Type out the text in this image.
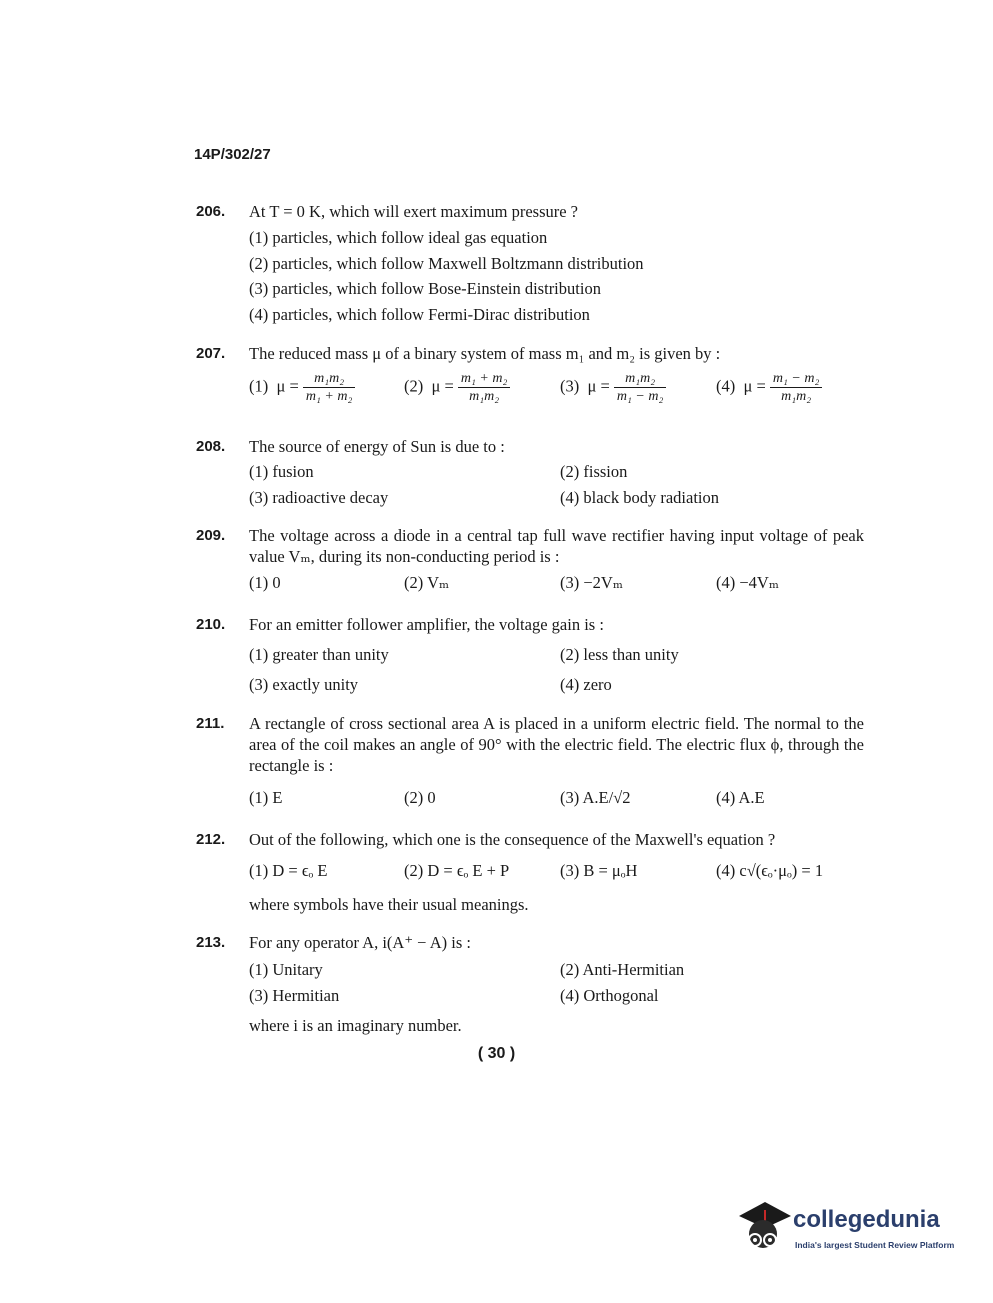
14P/302/27
206.	At T = 0 K, which will exert maximum pressure ?
(1) particles, which follow ideal gas equation
(2) particles, which follow Maxwell Boltzmann distribution
(3) particles, which follow Bose-Einstein distribution
(4) particles, which follow Fermi-Dirac distribution
207.	The reduced mass μ of a binary system of mass m₁ and m₂ is given by :
(1) $\mu = \frac{\text{m₁m₂}}{\text{m₁ + m₂}}$	(2) $\mu = \frac{\text{m₁ + m₂}}{\text{m₁m₂}}$	(3) $\mu = \frac{\text{m₁m₂}}{\text{m₁ − m₂}}$	(4) $\mu = \frac{\text{m₁ − m₂}}{\text{m₁m₂}}$
208.	The source of energy of Sun is due to :
(1) fusion	(2) fission
(3) radioactive decay	(4) black body radiation
209.	The voltage across a diode in a central tap full wave rectifier having input voltage of peak value Vₘ, during its non-conducting period is :
(1) 0	(2) Vₘ	(3) −2Vₘ	(4) −4Vₘ
210.	For an emitter follower amplifier, the voltage gain is :
(1) greater than unity	(2) less than unity
(3) exactly unity	(4) zero
211.	A rectangle of cross sectional area A is placed in a uniform electric field. The normal to the area of the coil makes an angle of 90° with the electric field. The electric flux ϕ, through the rectangle is :
(1) E	(2) 0	(3) A.E/√2	(4) A.E
212.	Out of the following, which one is the consequence of the Maxwell's equation ?
(1) D = ϵₒ E	(2) D = ϵₒ E + P	(3) B = μₒH	(4) c√(ϵₒ·μₒ) = 1
where symbols have their usual meanings.
213.	For any operator A, i(A⁺ − A) is :
(1) Unitary	(2) Anti-Hermitian
(3) Hermitian	(4) Orthogonal
where i is an imaginary number.
( 30 )
collegedunia
India's largest Student Review Platform
